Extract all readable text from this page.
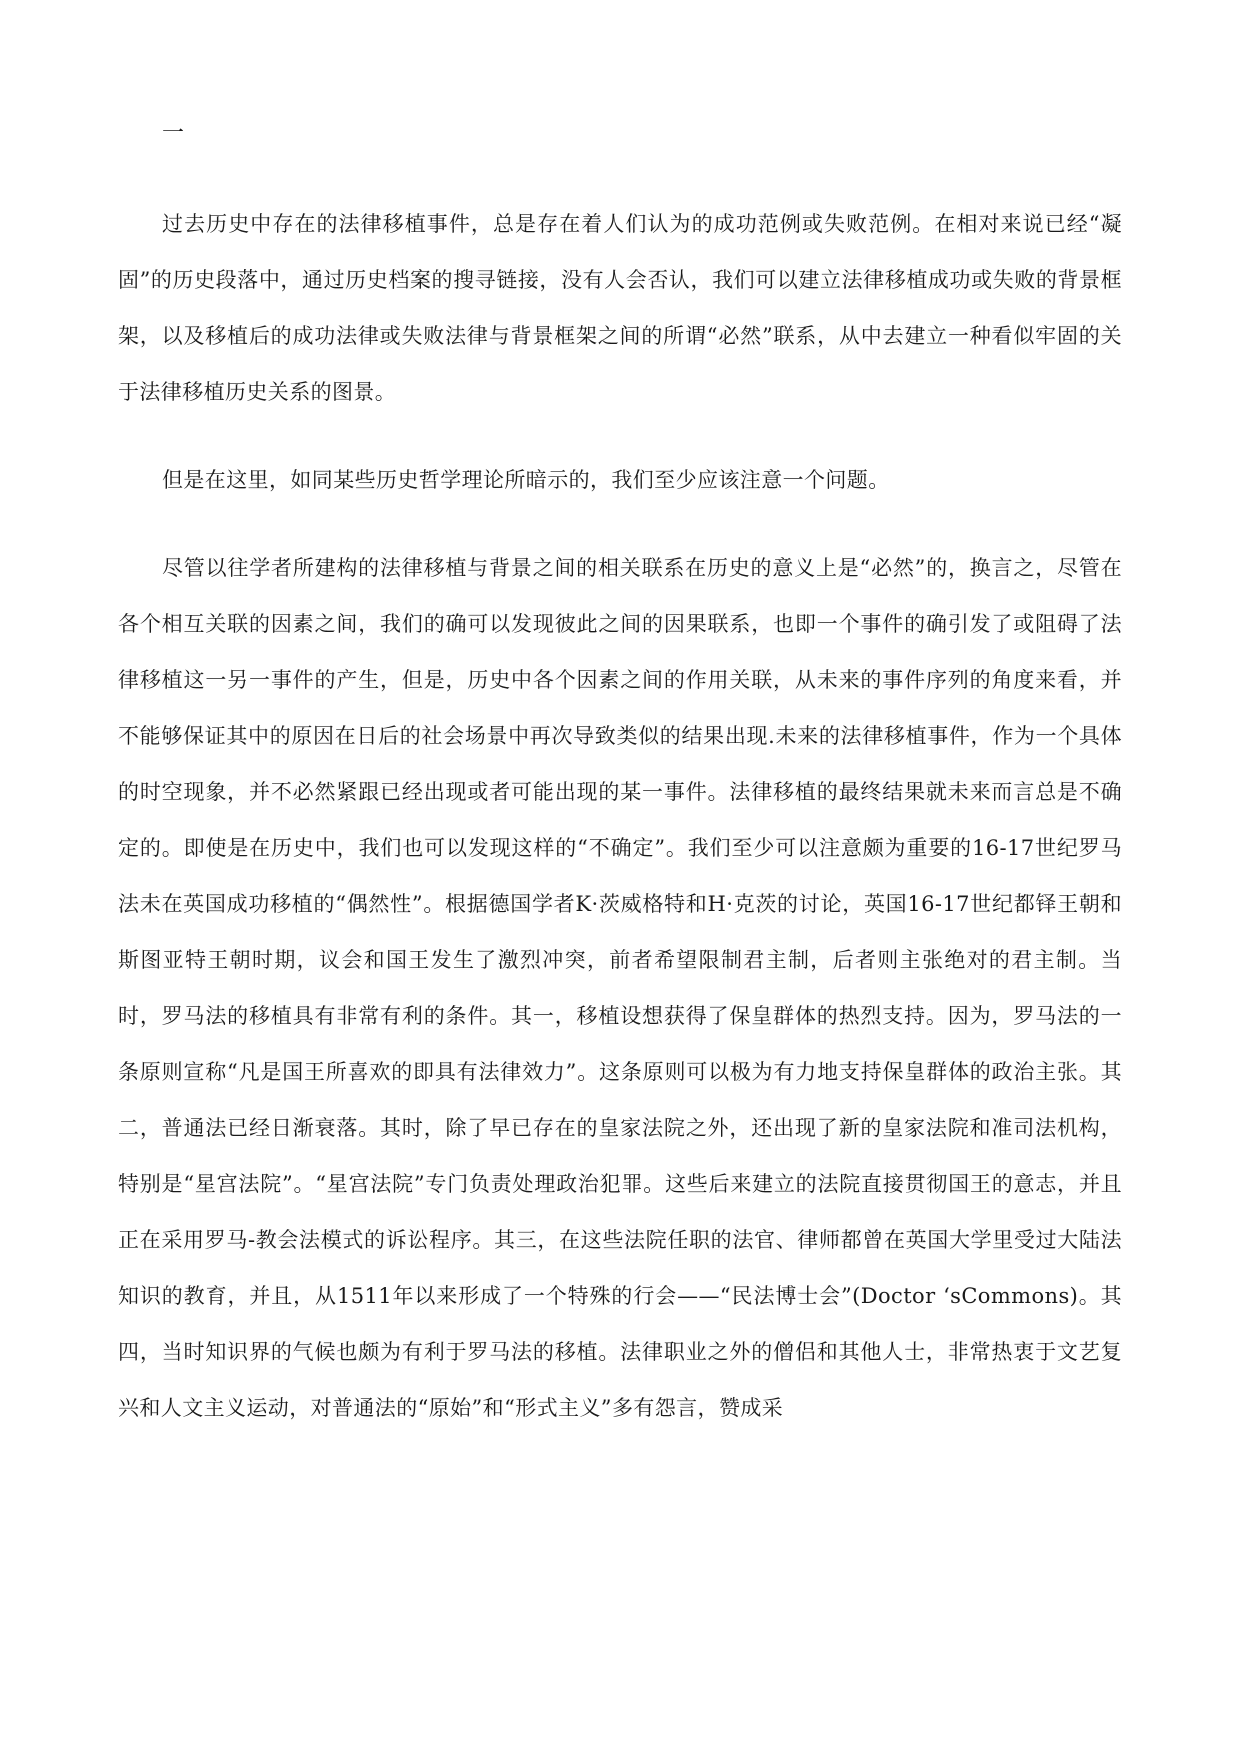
一

过去历史中存在的法律移植事件，总是存在着人们认为的成功范例或失败范例。在相对来说已经“凝固”的历史段落中，通过历史档案的搜寻链接，没有人会否认，我们可以建立法律移植成功或失败的背景框架，以及移植后的成功法律或失败法律与背景框架之间的所谓“必然”联系，从中去建立一种看似牢固的关于法律移植历史关系的图景。

但是在这里，如同某些历史哲学理论所暗示的，我们至少应该注意一个问题。

尽管以往学者所建构的法律移植与背景之间的相关联系在历史的意义上是“必然”的，换言之，尽管在各个相互关联的因素之间，我们的确可以发现彼此之间的因果联系，也即一个事件的确引发了或阻碍了法律移植这一另一事件的产生，但是，历史中各个因素之间的作用关联，从未来的事件序列的角度来看，并不能够保证其中的原因在日后的社会场景中再次导致类似的结果出现.未来的法律移植事件，作为一个具体的时空现象，并不必然紧跟已经出现或者可能出现的某一事件。法律移植的最终结果就未来而言总是不确定的。即使是在历史中，我们也可以发现这样的“不确定”。我们至少可以注意颇为重要的16-17世纪罗马法未在英国成功移植的“偶然性”。根据德国学者K·茨威格特和H·克茨的讨论，英国16-17世纪都铎王朝和斯图亚特王朝时期，议会和国王发生了激烈冲突，前者希望限制君主制，后者则主张绝对的君主制。当时，罗马法的移植具有非常有利的条件。其一，移植设想获得了保皇群体的热烈支持。因为，罗马法的一条原则宣称“凡是国王所喜欢的即具有法律效力”。这条原则可以极为有力地支持保皇群体的政治主张。其二，普通法已经日渐衰落。其时，除了早已存在的皇家法院之外，还出现了新的皇家法院和准司法机构，特别是“星宫法院”。“星宫法院”专门负责处理政治犯罪。这些后来建立的法院直接贯彻国王的意志，并且正在采用罗马-教会法模式的诉讼程序。其三，在这些法院任职的法官、律师都曾在英国大学里受过大陆法知识的教育，并且，从1511年以来形成了一个特殊的行会——“民法博士会”(Doctor ‘sCommons)。其四，当时知识界的气候也颇为有利于罗马法的移植。法律职业之外的僧侣和其他人士，非常热衷于文艺复兴和人文主义运动，对普通法的“原始”和“形式主义”多有怨言，赞成采
